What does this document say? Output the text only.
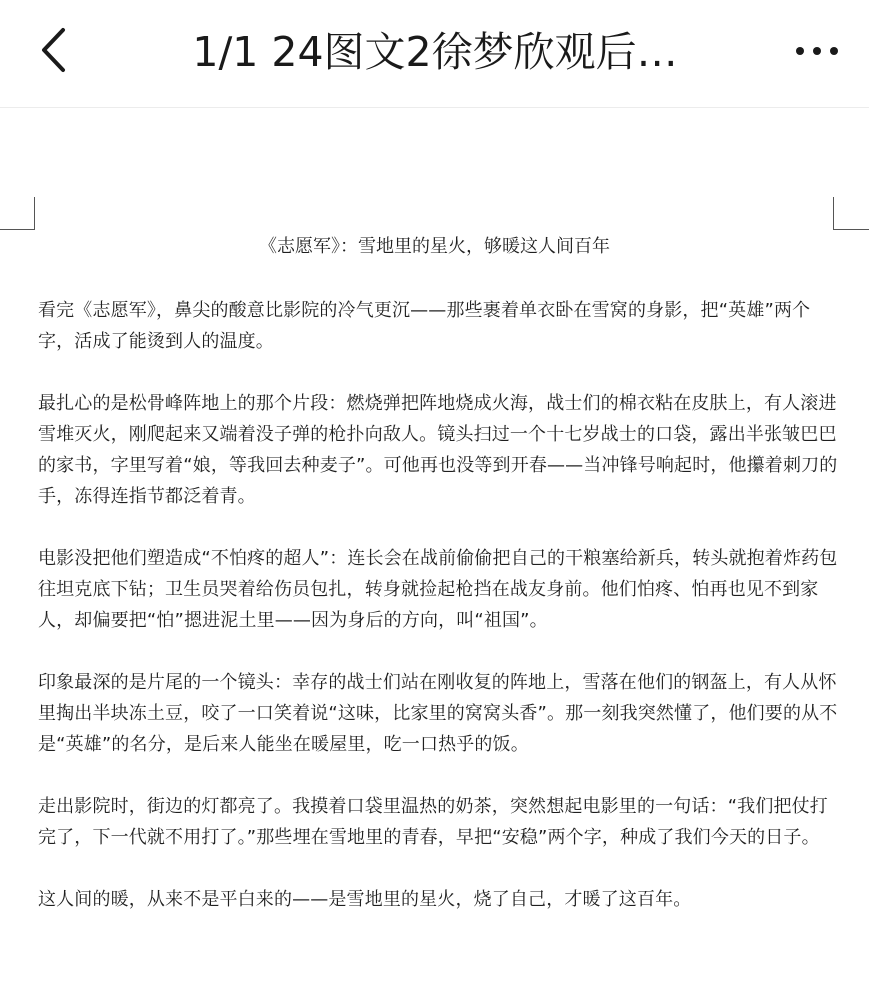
1/1 24图文2徐梦欣观后…
《志愿军》：雪地里的星火，够暖这人间百年

看完《志愿军》，鼻尖的酸意比影院的冷气更沉——那些裹着单衣卧在雪窝的身影，把“英雄”两个字，活成了能烫到人的温度。

最扎心的是松骨峰阵地上的那个片段：燃烧弹把阵地烧成火海，战士们的棉衣粘在皮肤上，有人滚进雪堆灭火，刚爬起来又端着没子弹的枪扑向敌人。镜头扫过一个十七岁战士的口袋，露出半张皱巴巴的家书，字里写着“娘，等我回去种麦子”。可他再也没等到开春——当冲锋号响起时，他攥着刺刀的手，冻得连指节都泛着青。

电影没把他们塑造成“不怕疼的超人”：连长会在战前偷偷把自己的干粮塞给新兵，转头就抱着炸药包往坦克底下钻；卫生员哭着给伤员包扎，转身就捡起枪挡在战友身前。他们怕疼、怕再也见不到家人，却偏要把“怕”摁进泥土里——因为身后的方向，叫“祖国”。

印象最深的是片尾的一个镜头：幸存的战士们站在刚收复的阵地上，雪落在他们的钢盔上，有人从怀里掏出半块冻土豆，咬了一口笑着说“这味，比家里的窝窝头香”。那一刻我突然懂了，他们要的从不是“英雄”的名分，是后来人能坐在暖屋里，吃一口热乎的饭。

走出影院时，街边的灯都亮了。我摸着口袋里温热的奶茶，突然想起电影里的一句话：“我们把仗打完了，下一代就不用打了。”那些埋在雪地里的青春，早把“安稳”两个字，种成了我们今天的日子。

这人间的暖，从来不是平白来的——是雪地里的星火，烧了自己，才暖了这百年。
